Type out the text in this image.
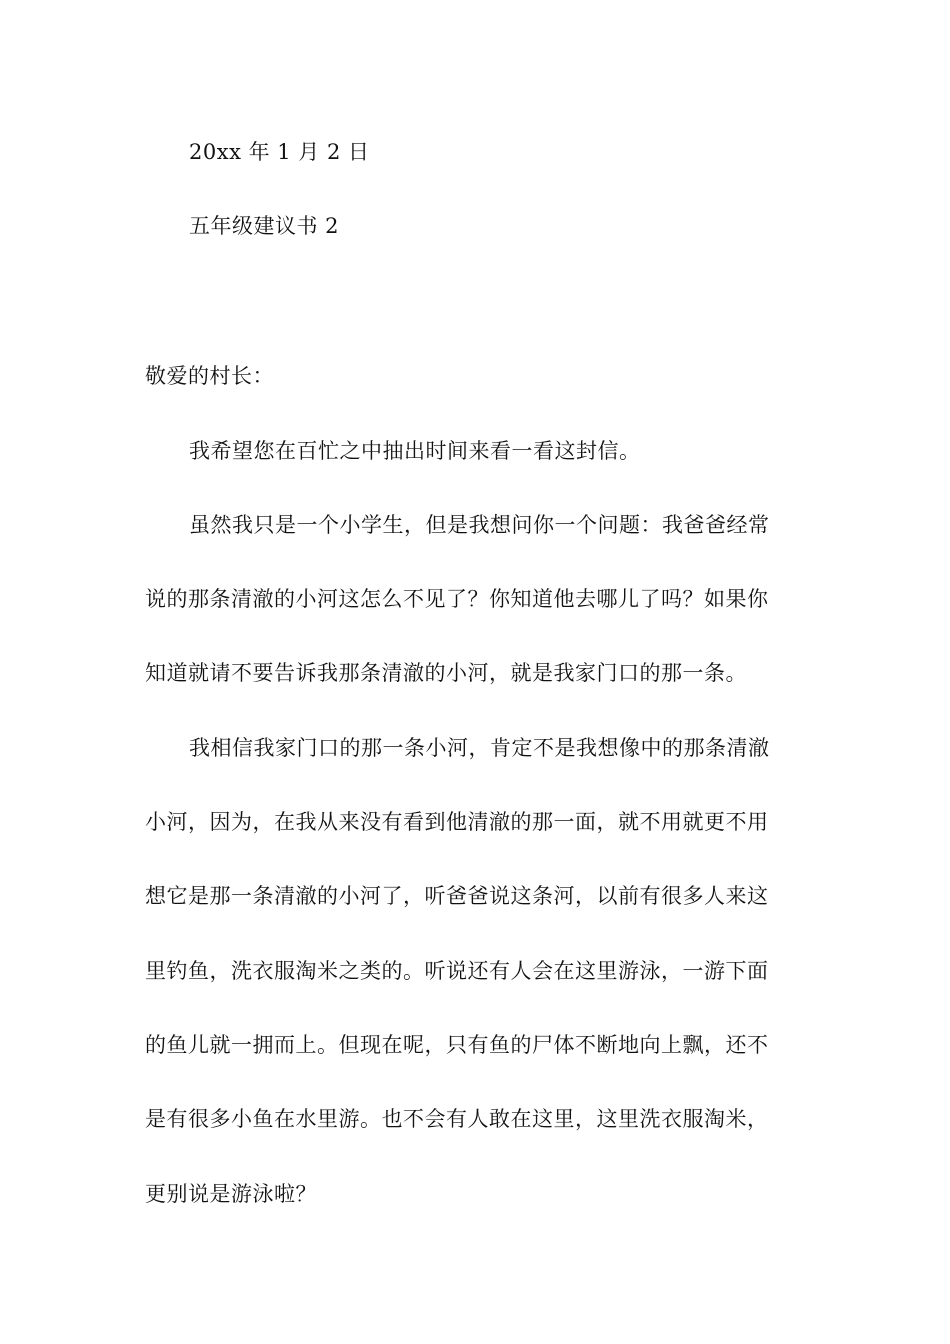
20xx 年 1 月 2 日
五年级建议书 2
敬爱的村长：
我希望您在百忙之中抽出时间来看一看这封信。
虽然我只是一个小学生，但是我想问你一个问题：我爸爸经常
说的那条清澈的小河这怎么不见了？你知道他去哪儿了吗？如果你
知道就请不要告诉我那条清澈的小河，就是我家门口的那一条。
我相信我家门口的那一条小河，肯定不是我想像中的那条清澈
小河，因为，在我从来没有看到他清澈的那一面，就不用就更不用
想它是那一条清澈的小河了，听爸爸说这条河，以前有很多人来这
里钓鱼，洗衣服淘米之类的。听说还有人会在这里游泳，一游下面
的鱼儿就一拥而上。但现在呢，只有鱼的尸体不断地向上飘，还不
是有很多小鱼在水里游。也不会有人敢在这里，这里洗衣服淘米，
更别说是游泳啦？
